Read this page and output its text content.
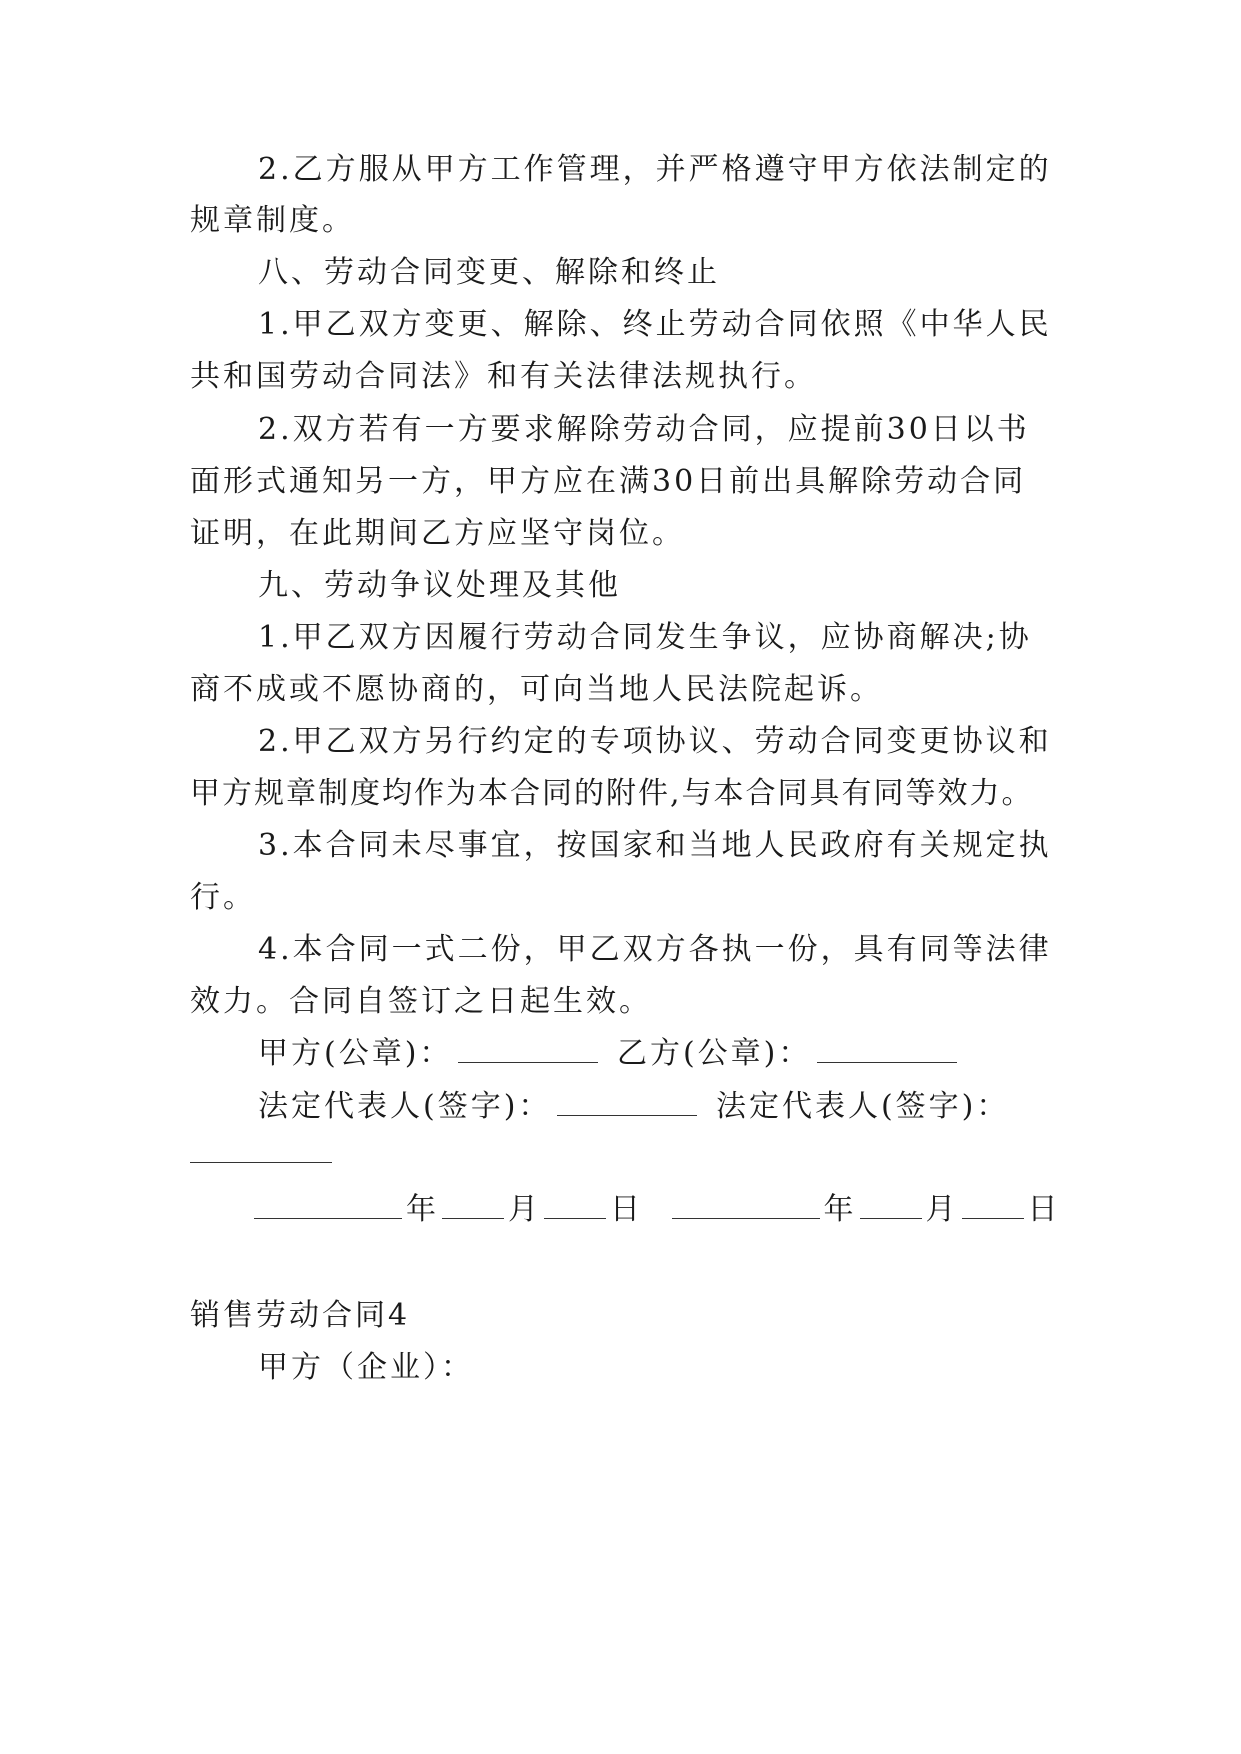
2.乙方服从甲方工作管理，并严格遵守甲方依法制定的
规章制度。
八、劳动合同变更、解除和终止
1.甲乙双方变更、解除、终止劳动合同依照《中华人民
共和国劳动合同法》和有关法律法规执行。
2.双方若有一方要求解除劳动合同，应提前30日以书
面形式通知另一方，甲方应在满30日前出具解除劳动合同
证明，在此期间乙方应坚守岗位。
九、劳动争议处理及其他
1.甲乙双方因履行劳动合同发生争议，应协商解决;协
商不成或不愿协商的，可向当地人民法院起诉。
2.甲乙双方另行约定的专项协议、劳动合同变更协议和
甲方规章制度均作为本合同的附件,与本合同具有同等效力。
3.本合同未尽事宜，按国家和当地人民政府有关规定执
行。
4.本合同一式二份，甲乙双方各执一份，具有同等法律
效力。合同自签订之日起生效。
甲方(公章)：	乙方(公章)：
法定代表人(签字)：	法定代表人(签字)：
年 月 日	年 月 日
销售劳动合同4
甲方（企业）：
